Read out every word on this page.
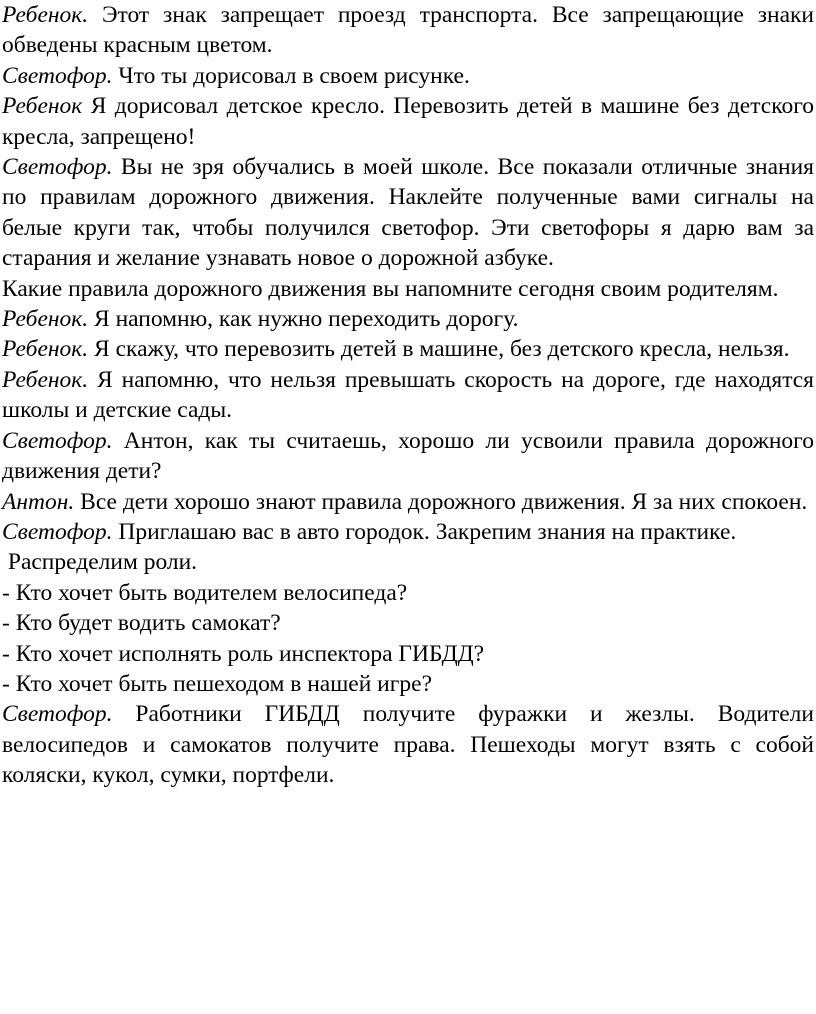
Ребенок. Этот знак запрещает проезд транспорта. Все запрещающие знаки обведены красным цветом.

Светофор. Что ты дорисовал в своем рисунке.

Ребенок Я дорисовал детское кресло. Перевозить детей в машине без детского кресла, запрещено!

Светофор. Вы не зря обучались в моей школе. Все показали отличные знания по правилам дорожного движения. Наклейте полученные вами сигналы на белые круги так, чтобы получился светофор. Эти светофоры я дарю вам за старания и желание узнавать новое о дорожной азбуке.

Какие правила дорожного движения вы напомните сегодня своим родителям.

Ребенок. Я напомню, как нужно переходить дорогу.

Ребенок. Я скажу, что перевозить детей в машине, без детского кресла, нельзя.

Ребенок. Я напомню, что нельзя превышать скорость на дороге, где находятся школы и детские сады.

Светофор. Антон, как ты считаешь, хорошо ли усвоили правила дорожного движения дети?

Антон. Все дети хорошо знают правила дорожного движения. Я за них спокоен.

Светофор. Приглашаю вас в авто городок. Закрепим знания на практике.

Распределим роли.

- Кто хочет быть водителем велосипеда?

- Кто будет водить самокат?

- Кто хочет исполнять роль инспектора ГИБДД?

- Кто хочет быть пешеходом в нашей игре?

Светофор. Работники ГИБДД получите фуражки и жезлы. Водители велосипедов и самокатов получите права. Пешеходы могут взять с собой коляски, кукол, сумки, портфели.
